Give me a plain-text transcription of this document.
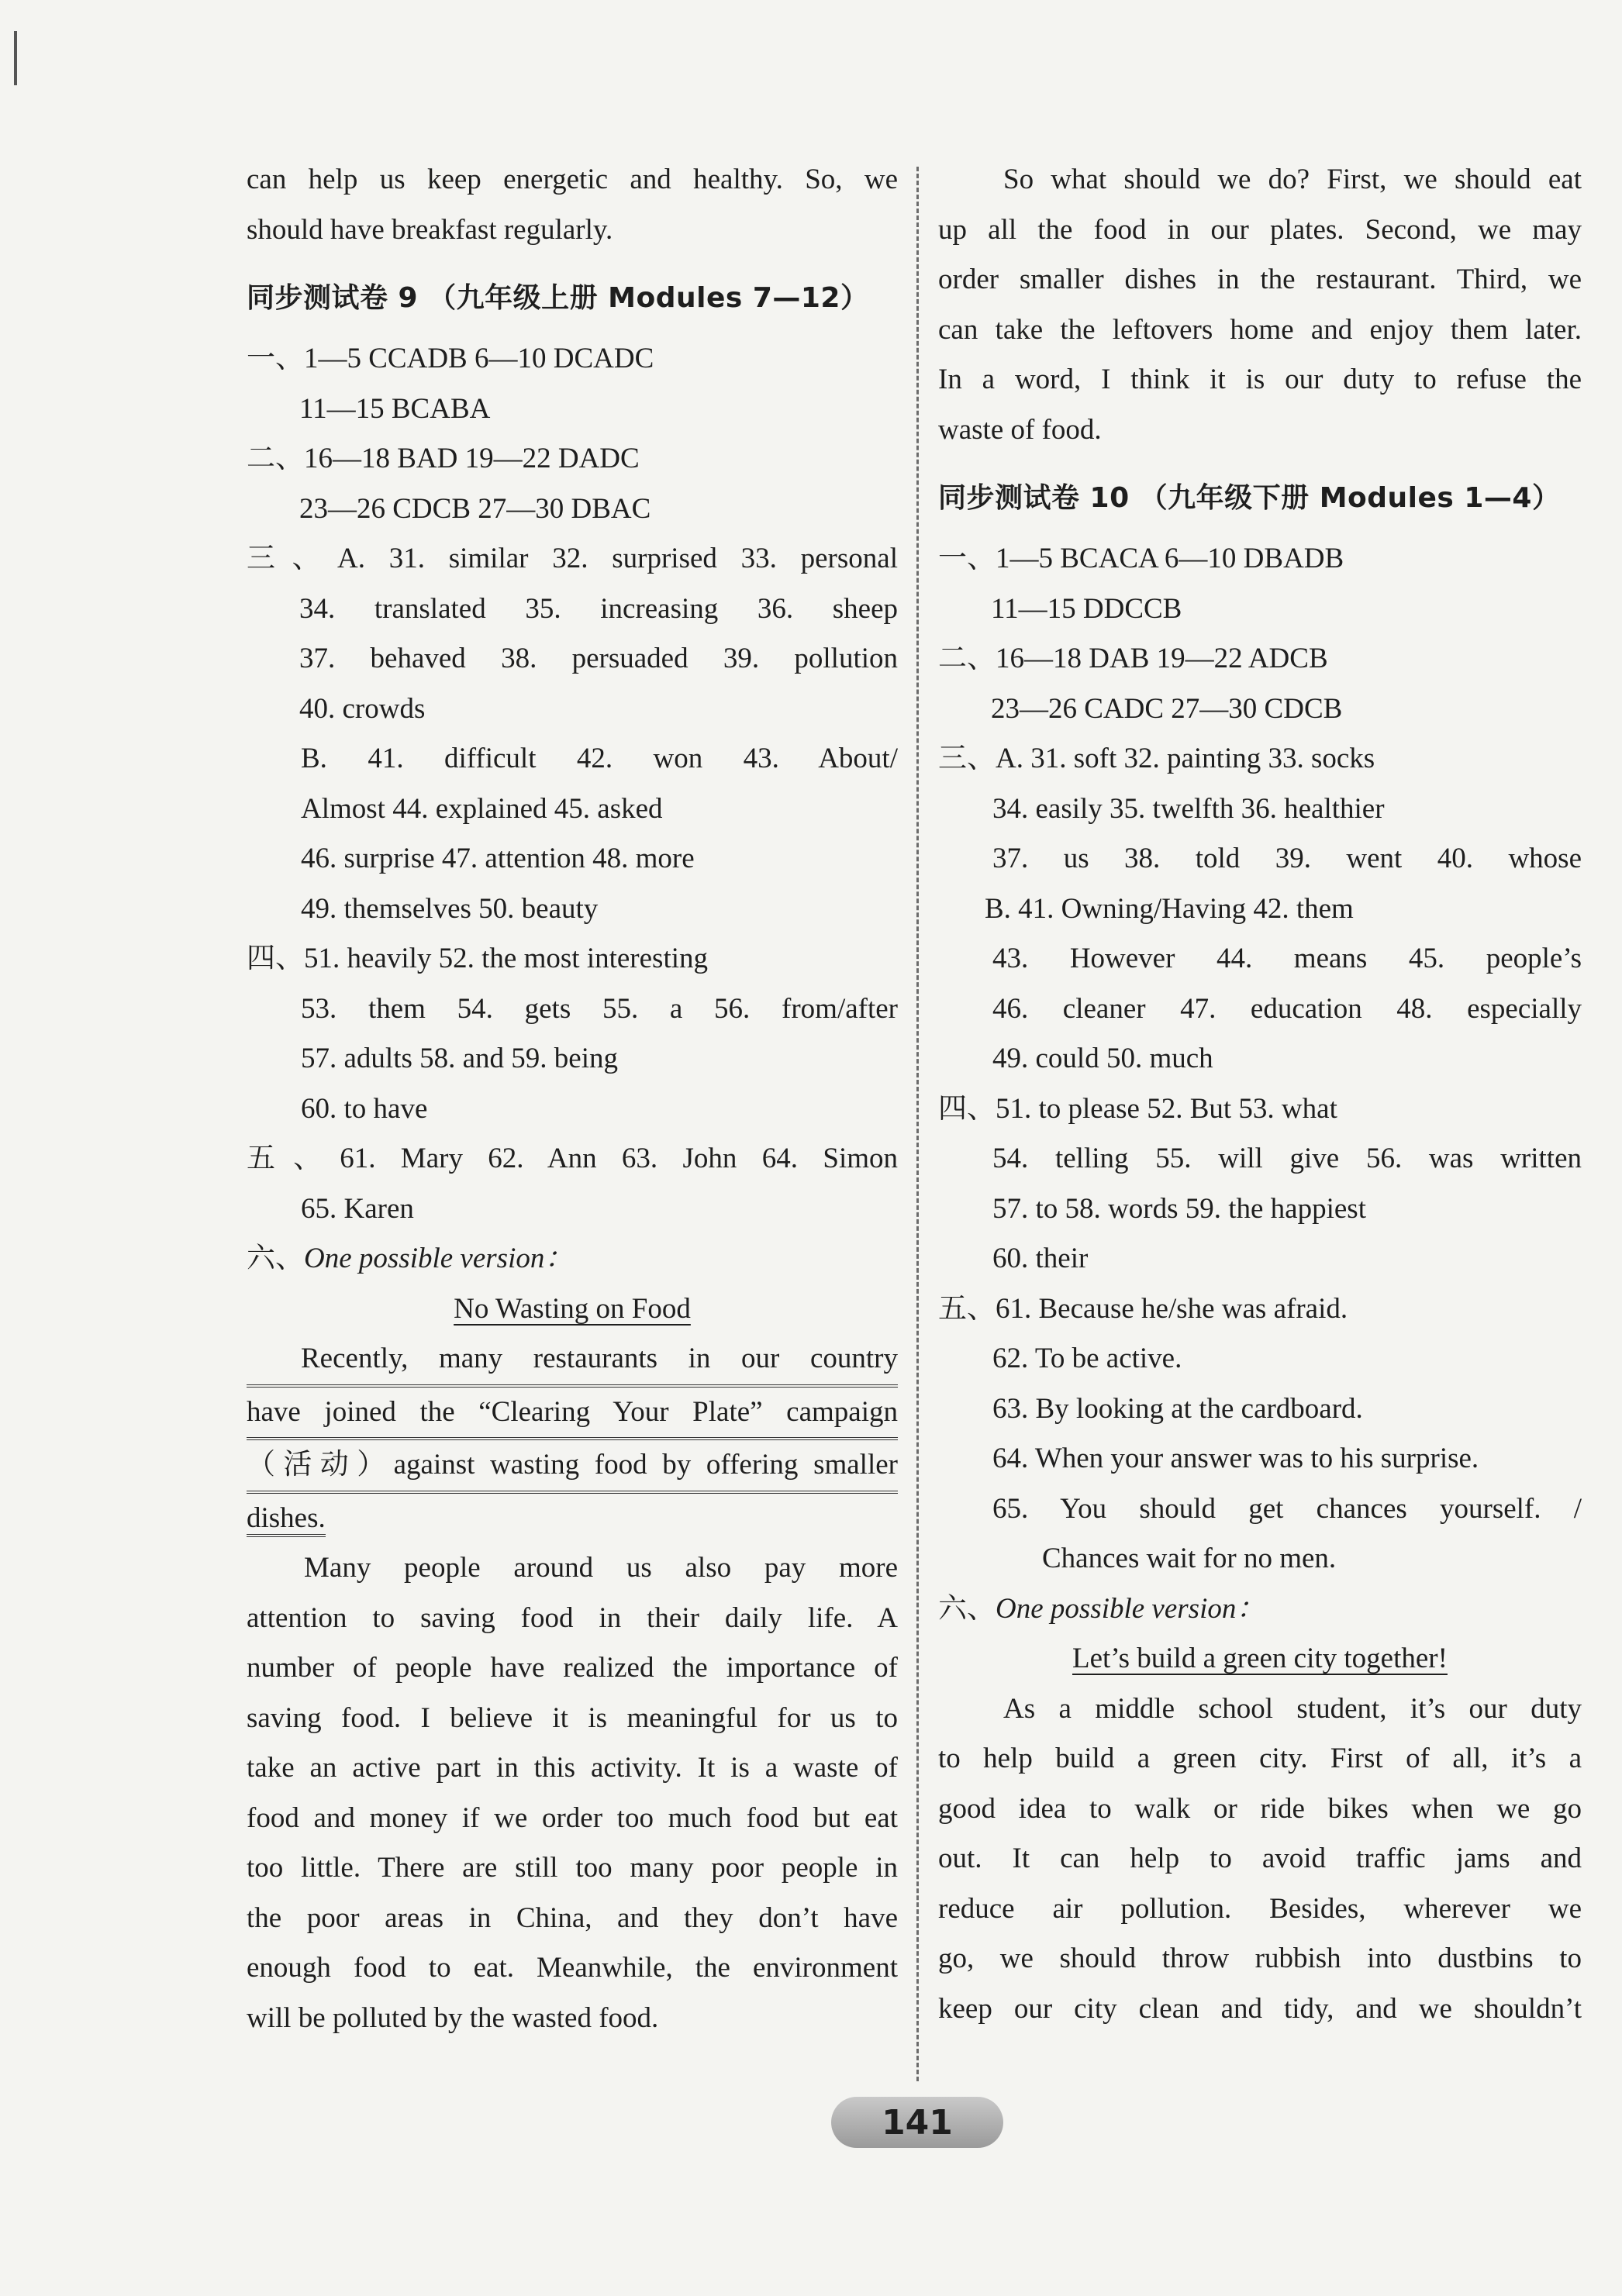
can help us keep energetic and healthy. So, we
should have breakfast regularly.
同步测试卷 9 （九年级上册 Modules 7—12）
一、1—5 CCADB 6—10 DCADC
11—15 BCABA
二、16—18 BAD 19—22 DADC
23—26 CDCB 27—30 DBAC
三、A. 31. similar 32. surprised 33. personal
34. translated 35. increasing 36. sheep
37. behaved 38. persuaded 39. pollution
40. crowds
B. 41. difficult 42. won 43. About/
Almost 44. explained 45. asked
46. surprise 47. attention 48. more
49. themselves 50. beauty
四、51. heavily 52. the most interesting
53. them 54. gets 55. a 56. from/after
57. adults 58. and 59. being
60. to have
五、61. Mary 62. Ann 63. John 64. Simon
65. Karen
六、One possible version：
No Wasting on Food
Recently, many restaurants in our country
have joined the “Clearing Your Plate” campaign
（活动）against wasting food by offering smaller
dishes.
Many people around us also pay more
attention to saving food in their daily life. A
number of people have realized the importance of
saving food. I believe it is meaningful for us to
take an active part in this activity. It is a waste of
food and money if we order too much food but eat
too little. There are still too many poor people in
the poor areas in China, and they don’t have
enough food to eat. Meanwhile, the environment
will be polluted by the wasted food.
So what should we do? First, we should eat
up all the food in our plates. Second, we may
order smaller dishes in the restaurant. Third, we
can take the leftovers home and enjoy them later.
In a word, I think it is our duty to refuse the
waste of food.
同步测试卷 10 （九年级下册 Modules 1—4）
一、1—5 BCACA 6—10 DBADB
11—15 DDCCB
二、16—18 DAB 19—22 ADCB
23—26 CADC 27—30 CDCB
三、A. 31. soft 32. painting 33. socks
34. easily 35. twelfth 36. healthier
37. us 38. told 39. went 40. whose
B. 41. Owning/Having 42. them
43. However 44. means 45. people’s
46. cleaner 47. education 48. especially
49. could 50. much
四、51. to please 52. But 53. what
54. telling 55. will give 56. was written
57. to 58. words 59. the happiest
60. their
五、61. Because he/she was afraid.
62. To be active.
63. By looking at the cardboard.
64. When your answer was to his surprise.
65. You should get chances yourself. /
Chances wait for no men.
六、One possible version：
Let’s build a green city together!
As a middle school student, it’s our duty
to help build a green city. First of all, it’s a
good idea to walk or ride bikes when we go
out. It can help to avoid traffic jams and
reduce air pollution. Besides, wherever we
go, we should throw rubbish into dustbins to
keep our city clean and tidy, and we shouldn’t
141
